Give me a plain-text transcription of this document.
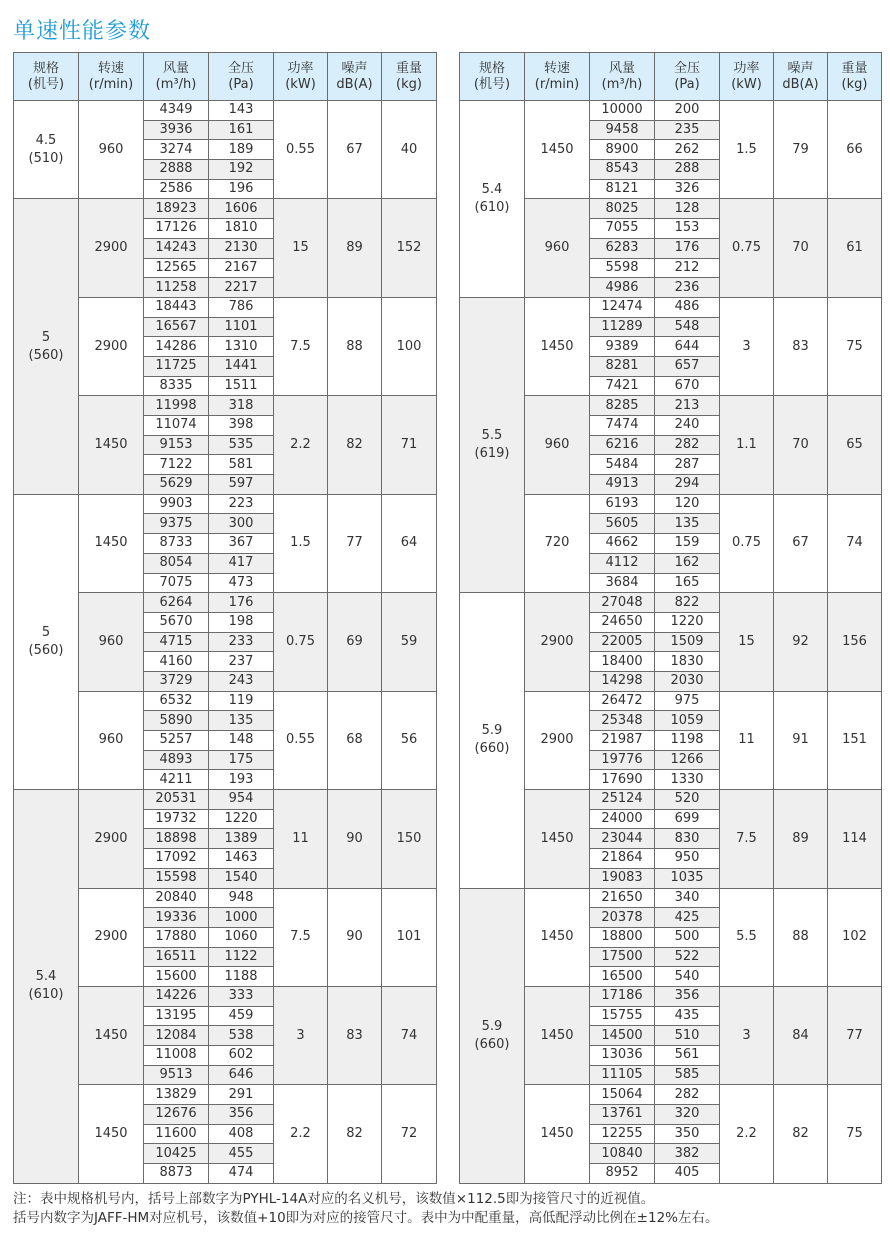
单速性能参数
规格
(机号)

转速
(r/min)

风量
(m³/h)

全压
(Pa)

功率
(kW)

噪声
dB(A)

重量
(kg)

4.5
(510)	960	4349	143	0.55	67	40
		3936	161			
		3274	189			
		2888	192			
		2586	196			

5
(560)	2900	18923	1606	15	89	152
		17126	1810			
		14243	2130			
		12565	2167			
		11258	2217			
	2900	18443	786	7.5	88	100
		16567	1101			
		14286	1310			
		11725	1441			
		8335	1511			
	1450	11998	318	2.2	82	71
		11074	398			
		9153	535			
		7122	581			
		5629	597			

5
(560)	1450	9903	223	1.5	77	64
		9375	300			
		8733	367			
		8054	417			
		7075	473			
	960	6264	176	0.75	69	59
		5670	198			
		4715	233			
		4160	237			
		3729	243			
	960	6532	119	0.55	68	56
		5890	135			
		5257	148			
		4893	175			
		4211	193			

5.4
(610)	2900	20531	954	11	90	150
		19732	1220			
		18898	1389			
		17092	1463			
		15598	1540			
	2900	20840	948	7.5	90	101
		19336	1000			
		17880	1060			
		16511	1122			
		15600	1188			
	1450	14226	333	3	83	74
		13195	459			
		12084	538			
		11008	602			
		9513	646			
	1450	13829	291	2.2	82	72
		12676	356			
		11600	408			
		10425	455			
		8873	474			
规格
(机号)

转速
(r/min)

风量
(m³/h)

全压
(Pa)

功率
(kW)

噪声
dB(A)

重量
(kg)

5.4
(610)	1450	10000	200	1.5	79	66
		9458	235			
		8900	262			
		8543	288			
		8121	326			
	960	8025	128	0.75	70	61
		7055	153			
		6283	176			
		5598	212			
		4986	236			

5.5
(619)	1450	12474	486	3	83	75
		11289	548			
		9389	644			
		8281	657			
		7421	670			
	960	8285	213	1.1	70	65
		7474	240			
		6216	282			
		5484	287			
		4913	294			
	720	6193	120	0.75	67	74
		5605	135			
		4662	159			
		4112	162			
		3684	165			

5.9
(660)	2900	27048	822	15	92	156
		24650	1220			
		22005	1509			
		18400	1830			
		14298	2030			
	2900	26472	975	11	91	151
		25348	1059			
		21987	1198			
		19776	1266			
		17690	1330			
	1450	25124	520	7.5	89	114
		24000	699			
		23044	830			
		21864	950			
		19083	1035			

5.9
(660)	1450	21650	340	5.5	88	102
		20378	425			
		18800	500			
		17500	522			
		16500	540			
	1450	17186	356	3	84	77
		15755	435			
		14500	510			
		13036	561			
		11105	585			
	1450	15064	282	2.2	82	75
		13761	320			
		12255	350			
		10840	382			
		8952	405			
注：表中规格机号内，括号上部数字为PYHL-14A对应的名义机号，该数值×112.5即为接管尺寸的近视值。
括号内数字为JAFF-HM对应机号，该数值+10即为对应的接管尺寸。表中为中配重量，高低配浮动比例在±12%左右。
